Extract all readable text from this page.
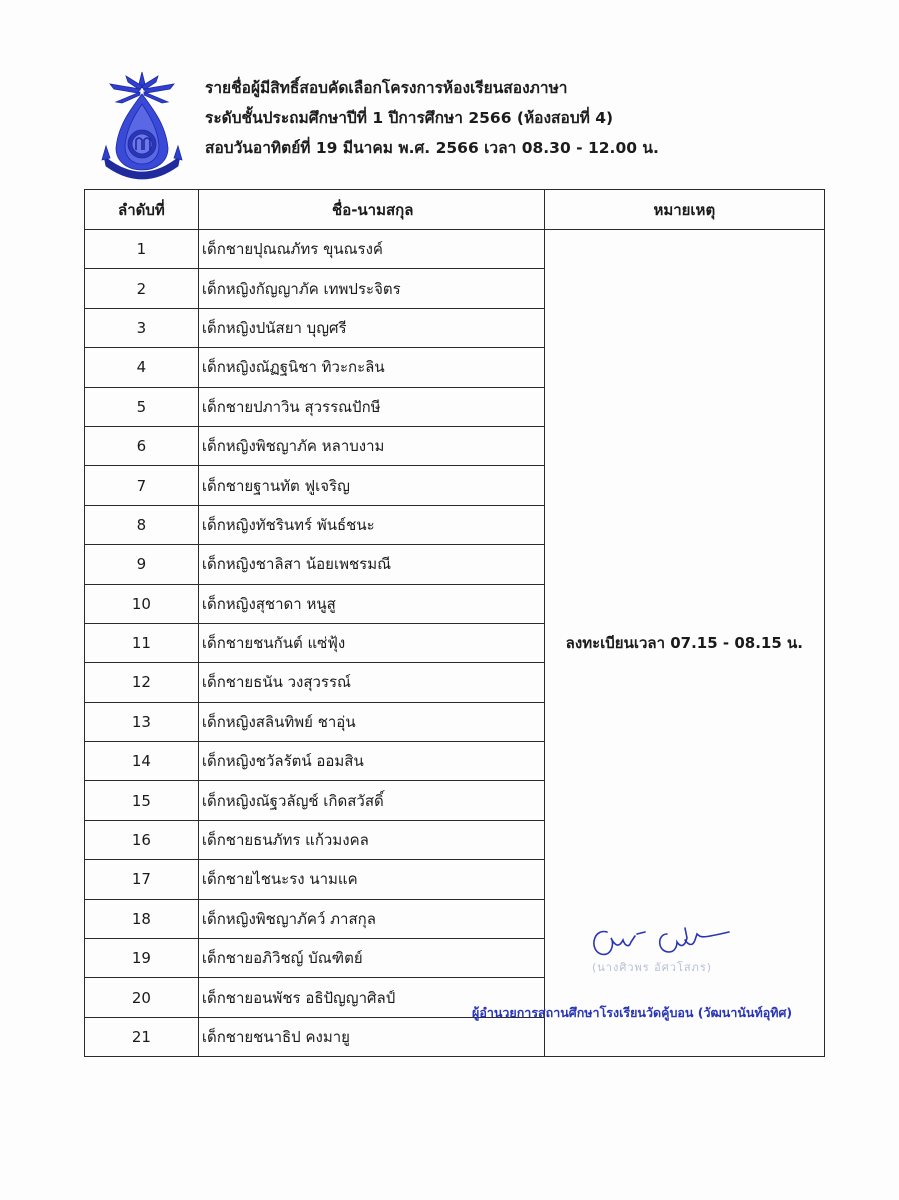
รายชื่อผู้มีสิทธิ์สอบคัดเลือกโครงการห้องเรียนสองภาษา
ระดับชั้นประถมศึกษาปีที่ 1 ปีการศึกษา 2566 (ห้องสอบที่ 4)
สอบวันอาทิตย์ที่ 19 มีนาคม พ.ศ. 2566 เวลา 08.30 - 12.00 น.
ลำดับที่	ชื่อ-นามสกุล	หมายเหตุ
1	เด็กชายปุณณภัทร ขุนณรงค์	ลงทะเบียนเวลา 07.15 - 08.15 น.
2	เด็กหญิงกัญญาภัค เทพประจิตร	
3	เด็กหญิงปนัสยา บุญศรี	
4	เด็กหญิงณัฏฐนิชา ทิวะกะลิน	
5	เด็กชายปภาวิน สุวรรณปักษี	
6	เด็กหญิงพิชญาภัค หลาบงาม	
7	เด็กชายฐานทัต ฟูเจริญ	
8	เด็กหญิงทัชรินทร์ พันธ์ชนะ	
9	เด็กหญิงชาลิสา น้อยเพชรมณี	
10	เด็กหญิงสุชาดา หนูสู	
11	เด็กชายชนกันต์ แซ่ฟุ้ง	
12	เด็กชายธนัน วงสุวรรณ์	
13	เด็กหญิงสลินทิพย์ ชาอุ่น	
14	เด็กหญิงชวัลรัตน์ ออมสิน	
15	เด็กหญิงณัฐวลัญช์ เกิดสวัสดิ์	
16	เด็กชายธนภัทร แก้วมงคล	
17	เด็กชายไชนะรง นามแค	
18	เด็กหญิงพิชญาภัคว์ ภาสกุล	
19	เด็กชายอภิวิชญ์ บัณฑิตย์	
20	เด็กชายอนพัชร อธิปัญญาศิลป์	
21	เด็กชายชนาธิป คงมายู	
(นางศิวพร อัศวโสภร)
ผู้อำนวยการสถานศึกษาโรงเรียนวัดคู้บอน (วัฒนานันท์อุทิศ)
